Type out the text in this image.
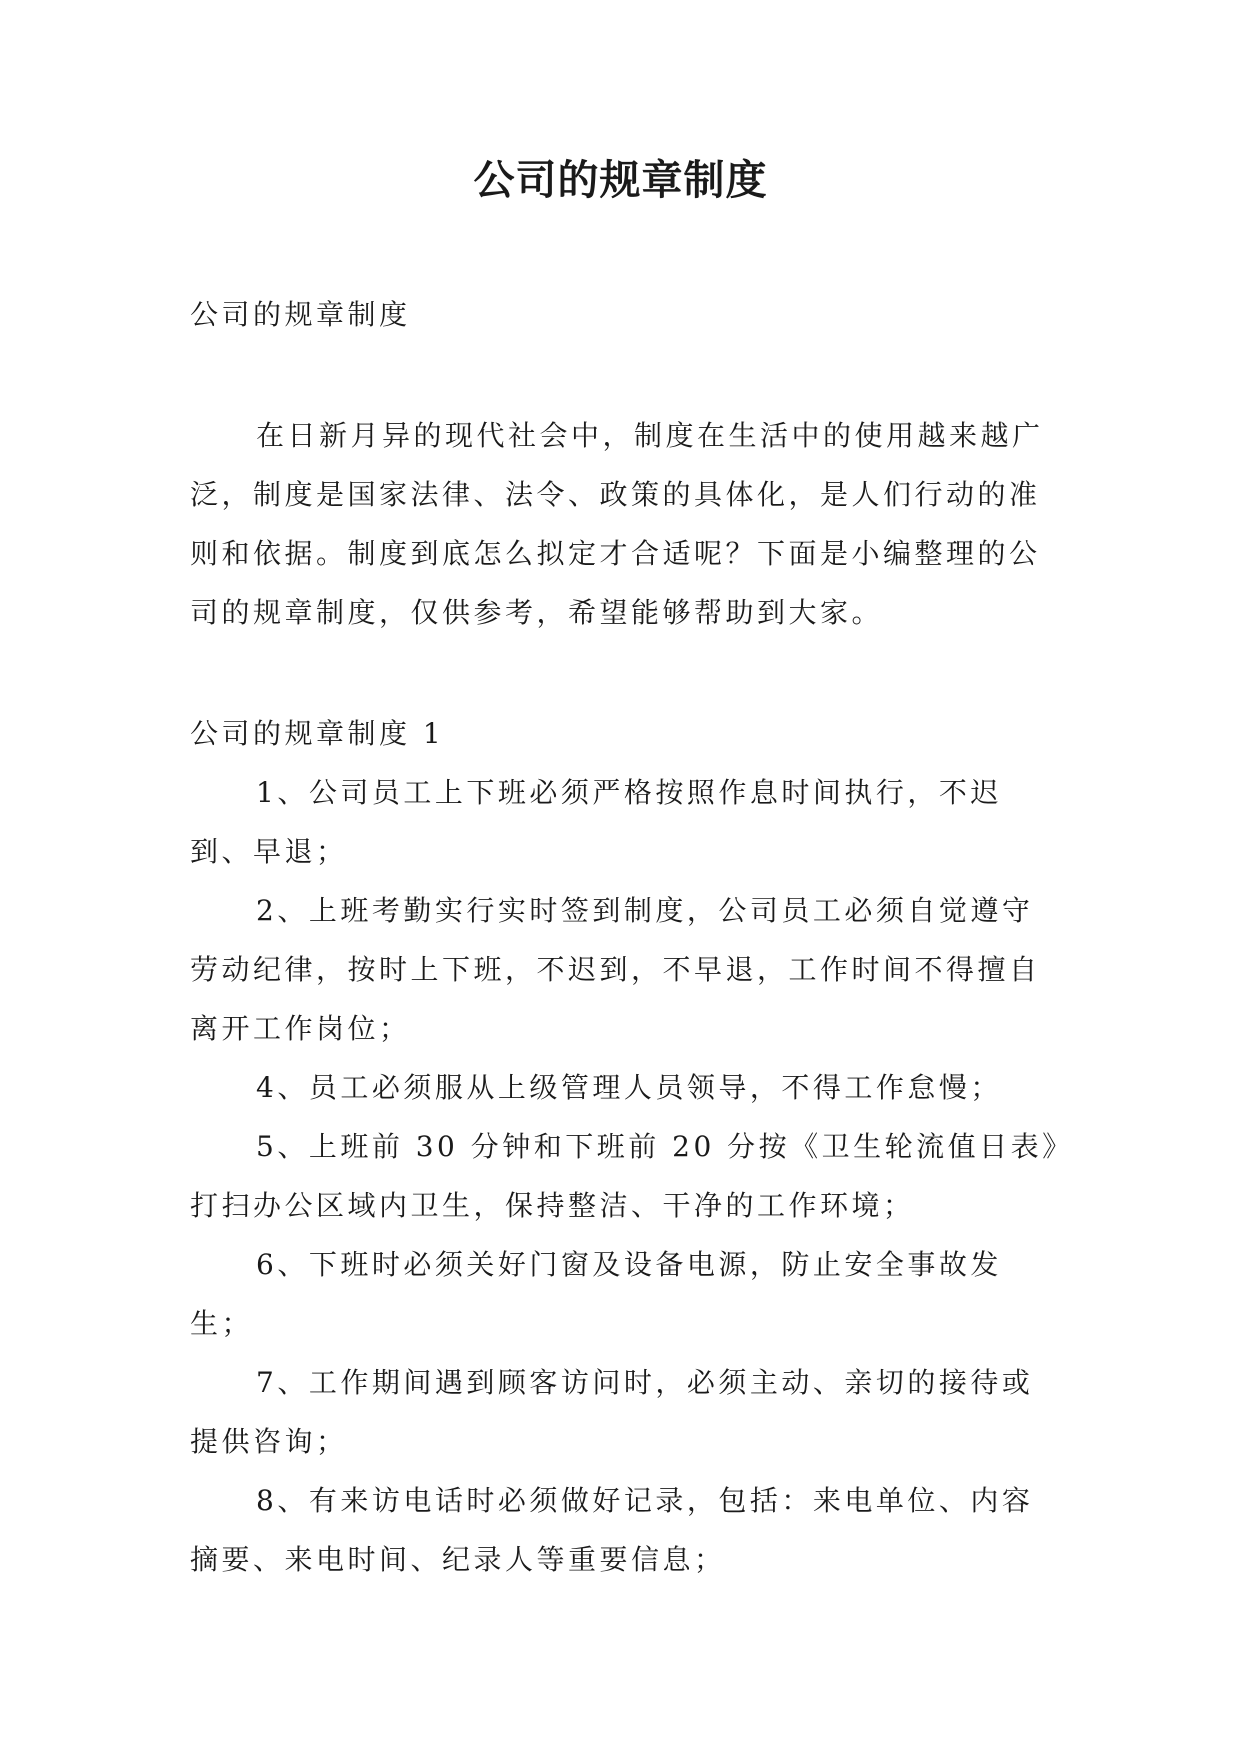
公司的规章制度

公司的规章制度

在日新月异的现代社会中，制度在生活中的使用越来越广泛，制度是国家法律、法令、政策的具体化，是人们行动的准则和依据。制度到底怎么拟定才合适呢？下面是小编整理的公司的规章制度，仅供参考，希望能够帮助到大家。

公司的规章制度 1

1、公司员工上下班必须严格按照作息时间执行，不迟到、早退；

2、上班考勤实行实时签到制度，公司员工必须自觉遵守劳动纪律，按时上下班，不迟到，不早退，工作时间不得擅自离开工作岗位；

4、员工必须服从上级管理人员领导，不得工作怠慢；

5、上班前 30 分钟和下班前 20 分按《卫生轮流值日表》打扫办公区域内卫生，保持整洁、干净的工作环境；

6、下班时必须关好门窗及设备电源，防止安全事故发生；

7、工作期间遇到顾客访问时，必须主动、亲切的接待或提供咨询；

8、有来访电话时必须做好记录，包括：来电单位、内容摘要、来电时间、纪录人等重要信息；
